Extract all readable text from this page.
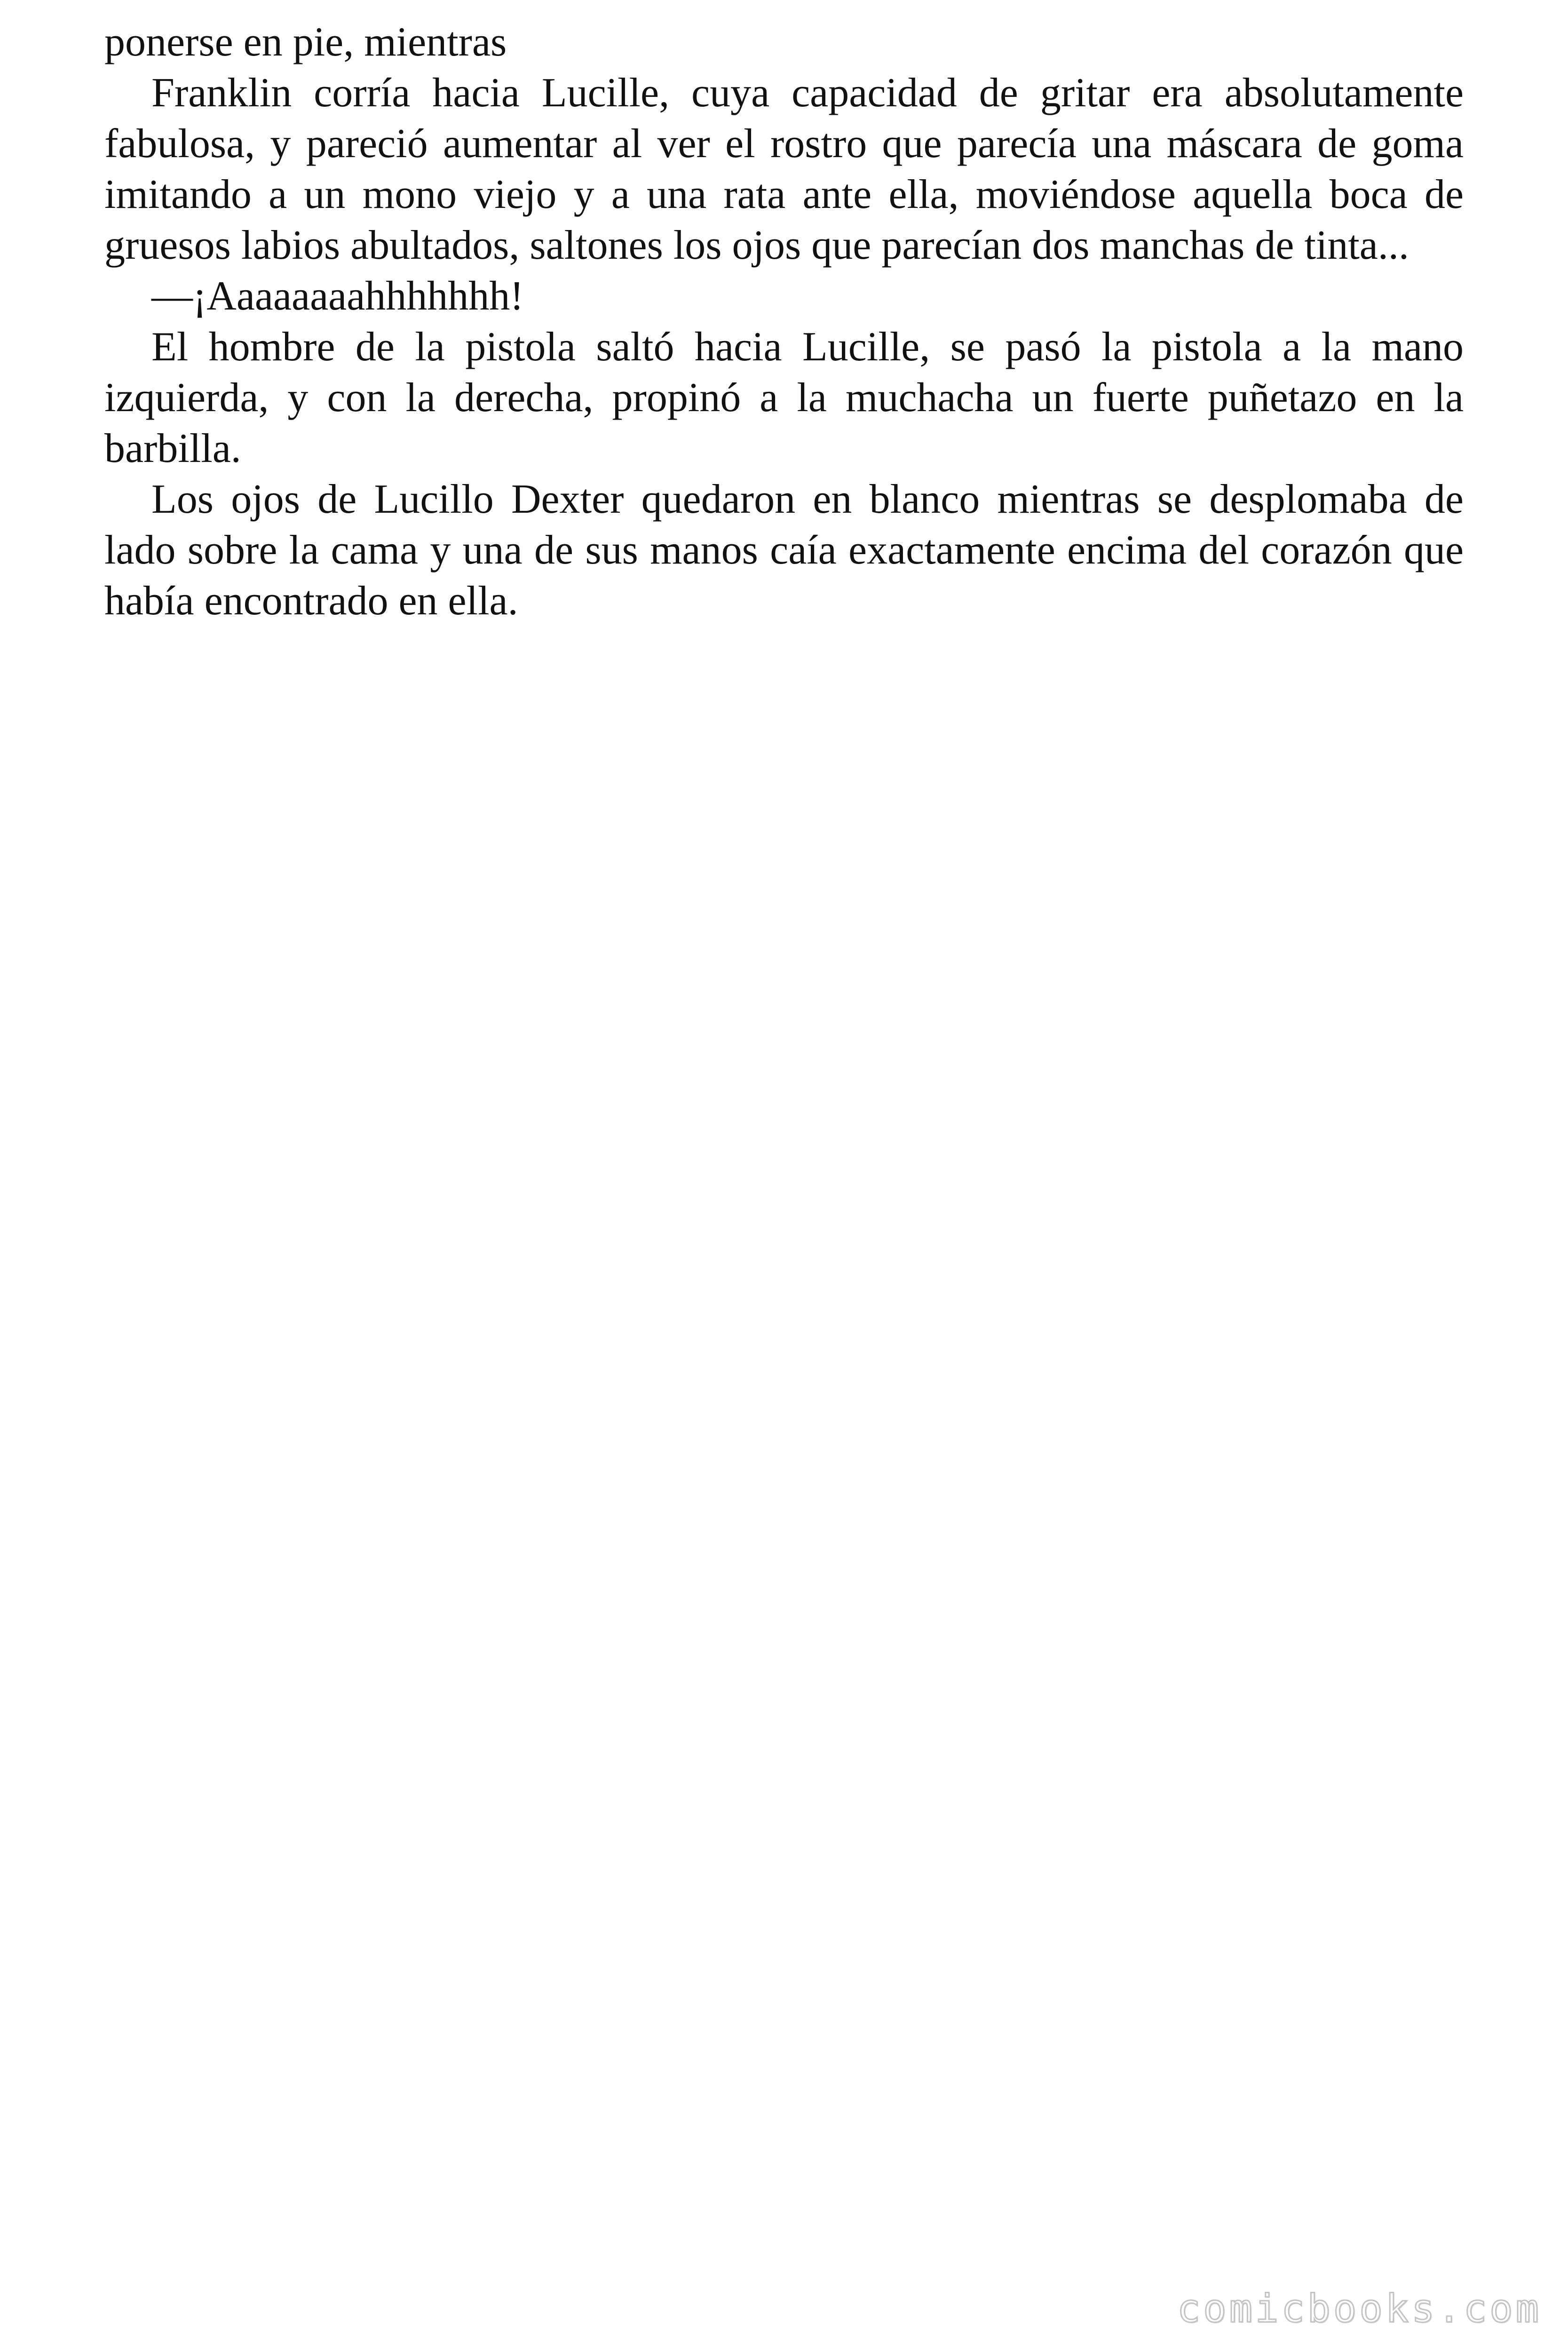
ponerse en pie, mientras

Franklin corría hacia Lucille, cuya capacidad de gritar era absolutamente fabulosa, y pareció aumentar al ver el rostro que parecía una máscara de goma imitando a un mono viejo y a una rata ante ella, moviéndose aquella boca de gruesos labios abultados, saltones los ojos que parecían dos manchas de tinta...

—¡Aaaaaaaahhhhhhh!

El hombre de la pistola saltó hacia Lucille, se pasó la pistola a la mano izquierda, y con la derecha, propinó a la muchacha un fuerte puñetazo en la barbilla.

Los ojos de Lucillo Dexter quedaron en blanco mientras se desplomaba de lado sobre la cama y una de sus manos caía exactamente encima del corazón que había encontrado en ella.

comicbooks.com
